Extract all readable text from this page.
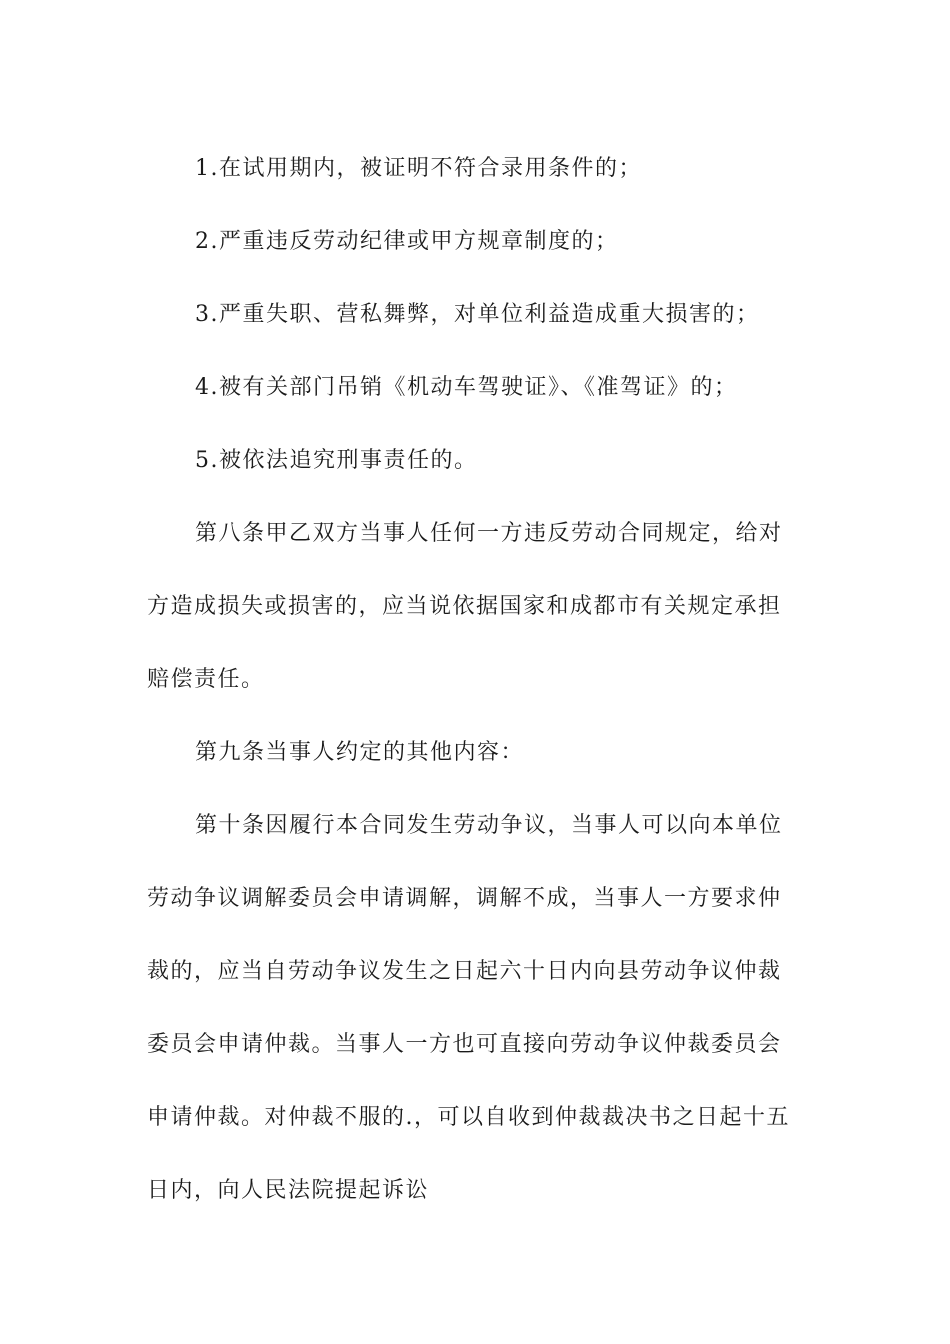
1.在试用期内，被证明不符合录用条件的；
2.严重违反劳动纪律或甲方规章制度的；
3.严重失职、营私舞弊，对单位利益造成重大损害的；
4.被有关部门吊销《机动车驾驶证》、《准驾证》的；
5.被依法追究刑事责任的。
第八条甲乙双方当事人任何一方违反劳动合同规定，给对
方造成损失或损害的，应当说依据国家和成都市有关规定承担
赔偿责任。
第九条当事人约定的其他内容：
第十条因履行本合同发生劳动争议，当事人可以向本单位
劳动争议调解委员会申请调解，调解不成，当事人一方要求仲
裁的，应当自劳动争议发生之日起六十日内向县劳动争议仲裁
委员会申请仲裁。当事人一方也可直接向劳动争议仲裁委员会
申请仲裁。对仲裁不服的.，可以自收到仲裁裁决书之日起十五
日内，向人民法院提起诉讼
